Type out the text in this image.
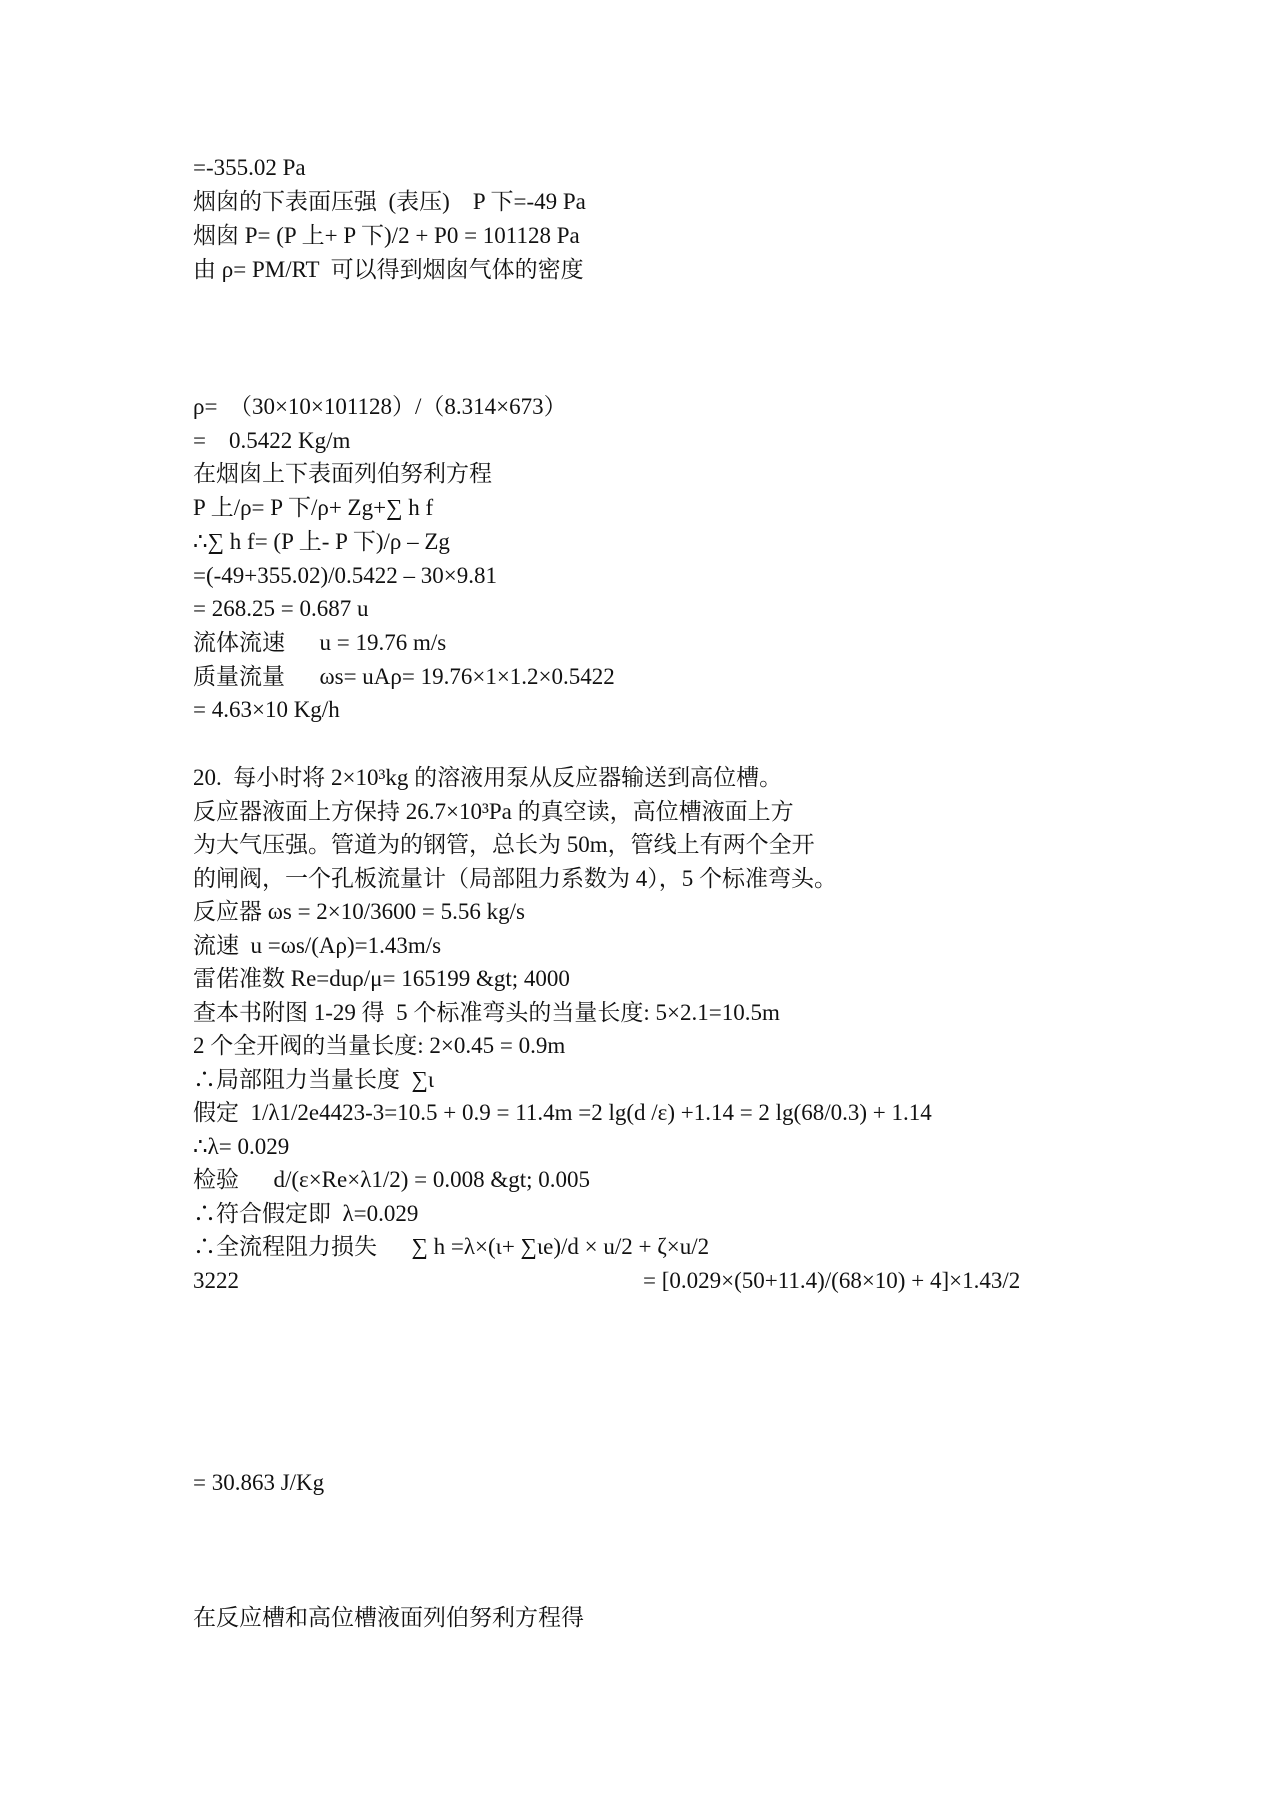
=-355.02 Pa
烟囱的下表面压强  (表压)    P 下=-49 Pa
烟囱 P= (P 上+ P 下)/2 + P0 = 101128 Pa
由 ρ= PM/RT  可以得到烟囱气体的密度
ρ=  （30×10×101128）/（8.314×673）
=    0.5422 Kg/m
在烟囱上下表面列伯努利方程
P 上/ρ= P 下/ρ+ Zg+∑ h f
∴∑ h f= (P 上- P 下)/ρ – Zg
=(-49+355.02)/0.5422 – 30×9.81
= 268.25 = 0.687 u
流体流速      u = 19.76 m/s
质量流量      ωs= uAρ= 19.76×1×1.2×0.5422
= 4.63×10 Kg/h
20.  每小时将 2×10³kg 的溶液用泵从反应器输送到高位槽。
反应器液面上方保持 26.7×10³Pa 的真空读，高位槽液面上方
为大气压强。管道为的钢管，总长为 50m，管线上有两个全开
的闸阀，一个孔板流量计（局部阻力系数为 4），5 个标准弯头。
反应器 ωs = 2×10/3600 = 5.56 kg/s
流速  u =ωs/(Aρ)=1.43m/s
雷偌准数 Re=duρ/μ= 165199 &gt; 4000
查本书附图 1-29 得  5 个标准弯头的当量长度: 5×2.1=10.5m
2 个全开阀的当量长度: 2×0.45 = 0.9m
∴局部阻力当量长度  ∑ι
假定  1/λ1/2e4423-3=10.5 + 0.9 = 11.4m =2 lg(d /ε) +1.14 = 2 lg(68/0.3) + 1.14
∴λ= 0.029
检验      d/(ε×Re×λ1/2) = 0.008 &gt; 0.005
∴符合假定即  λ=0.029
∴全流程阻力损失      ∑ h =λ×(ι+ ∑ιe)/d × u/2 + ζ×u/2
3222	= [0.029×(50+11.4)/(68×10) + 4]×1.43/2
= 30.863 J/Kg
在反应槽和高位槽液面列伯努利方程得
